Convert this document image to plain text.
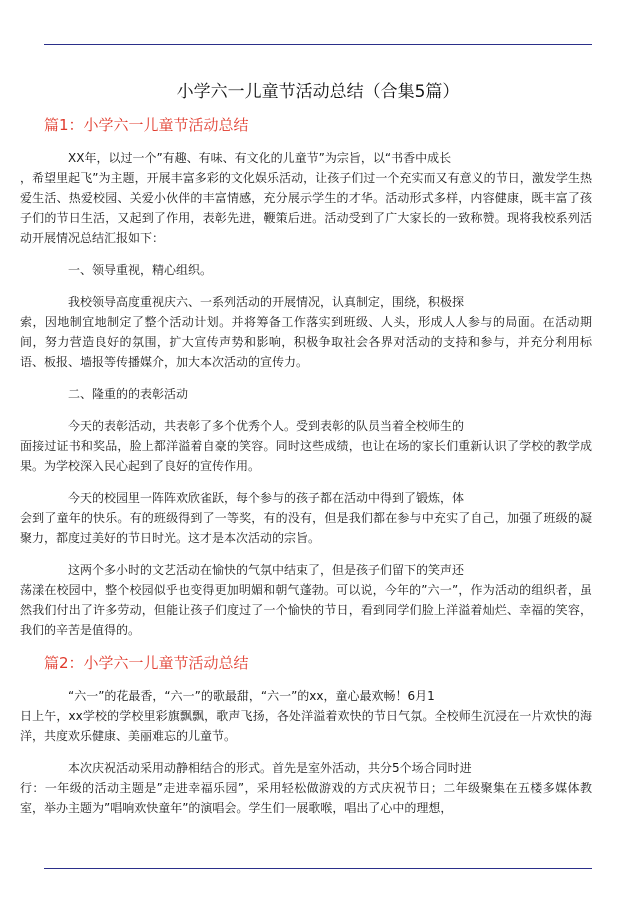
小学六一儿童节活动总结（合集5篇）
篇1：小学六一儿童节活动总结

XX年，以过一个”有趣、有味、有文化的儿童节”为宗旨，以“书香中成长
，希望里起飞”为主题，开展丰富多彩的文化娱乐活动，让孩子们过一个充实而又有意义的节日，激发学生热爱生活、热爱校园、关爱小伙伴的丰富情感，充分展示学生的才华。活动形式多样，内容健康，既丰富了孩子们的节日生活，又起到了作用，表彰先进，鞭策后进。活动受到了广大家长的一致称赞。现将我校系列活动开展情况总结汇报如下：

一、领导重视，精心组织。

我校领导高度重视庆六、一系列活动的开展情况，认真制定，围绕，积极探
索，因地制宜地制定了整个活动计划。并将筹备工作落实到班级、人头，形成人人参与的局面。在活动期间，努力营造良好的氛围，扩大宣传声势和影响，积极争取社会各界对活动的支持和参与，并充分利用标语、板报、墙报等传播媒介，加大本次活动的宣传力。

二、隆重的的表彰活动

今天的表彰活动，共表彰了多个优秀个人。受到表彰的队员当着全校师生的
面接过证书和奖品，脸上都洋溢着自豪的笑容。同时这些成绩，也让在场的家长们重新认识了学校的教学成果。为学校深入民心起到了良好的宣传作用。

今天的校园里一阵阵欢欣雀跃，每个参与的孩子都在活动中得到了锻炼，体
会到了童年的快乐。有的班级得到了一等奖，有的没有，但是我们都在参与中充实了自己，加强了班级的凝聚力，都度过美好的节日时光。这才是本次活动的宗旨。

这两个多小时的文艺活动在愉快的气氛中结束了，但是孩子们留下的笑声还
荡漾在校园中，整个校园似乎也变得更加明媚和朝气蓬勃。可以说，今年的”六一”，作为活动的组织者，虽然我们付出了许多劳动，但能让孩子们度过了一个愉快的节日，看到同学们脸上洋溢着灿烂、幸福的笑容，我们的辛苦是值得的。

篇2：小学六一儿童节活动总结

“六一”的花最香，“六一”的歌最甜，“六一”的xx，童心最欢畅！6月1
日上午，xx学校的学校里彩旗飘飘，歌声飞扬，各处洋溢着欢快的节日气氛。全校师生沉浸在一片欢快的海洋，共度欢乐健康、美丽难忘的儿童节。

本次庆祝活动采用动静相结合的形式。首先是室外活动，共分5个场合同时进
行：一年级的活动主题是”走进幸福乐园”，采用轻松做游戏的方式庆祝节日；二年级聚集在五楼多媒体教室，举办主题为”唱响欢快童年”的演唱会。学生们一展歌喉，唱出了心中的理想，
